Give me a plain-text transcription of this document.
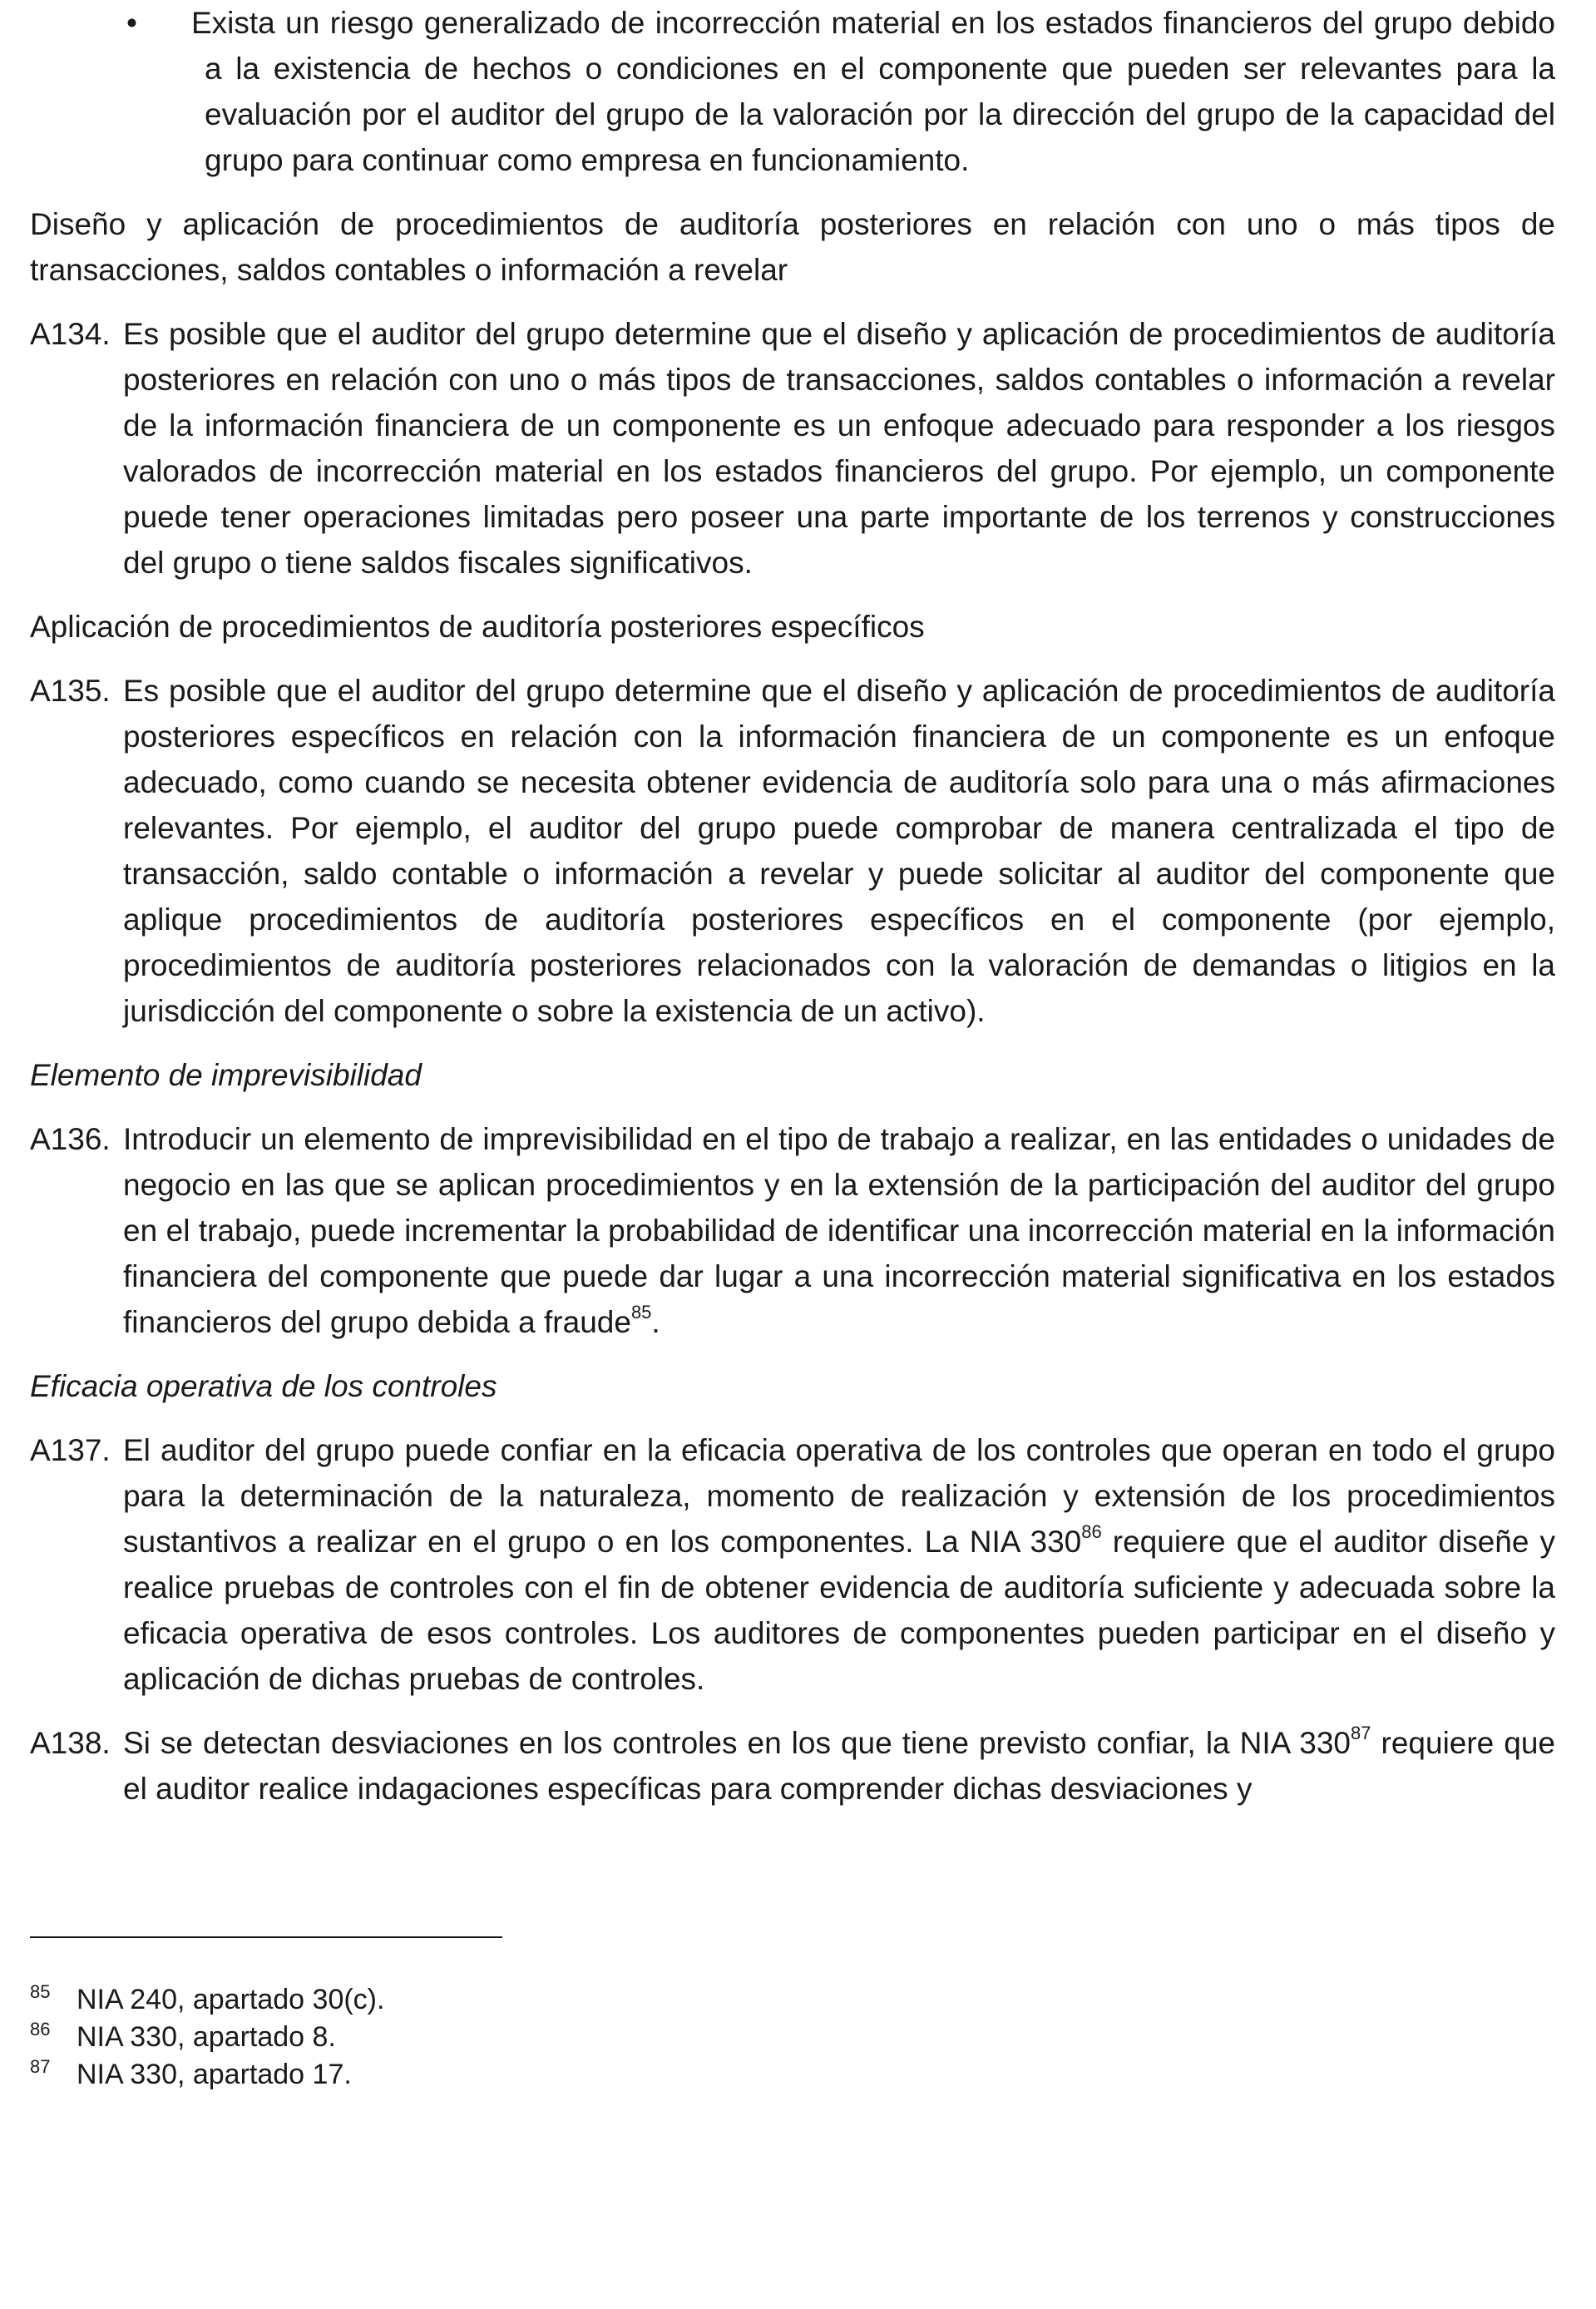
• Exista un riesgo generalizado de incorrección material en los estados financieros del grupo debido a la existencia de hechos o condiciones en el componente que pueden ser relevantes para la evaluación por el auditor del grupo de la valoración por la dirección del grupo de la capacidad del grupo para continuar como empresa en funcionamiento.
Diseño y aplicación de procedimientos de auditoría posteriores en relación con uno o más tipos de transacciones, saldos contables o información a revelar
A134. Es posible que el auditor del grupo determine que el diseño y aplicación de procedimientos de auditoría posteriores en relación con uno o más tipos de transacciones, saldos contables o información a revelar de la información financiera de un componente es un enfoque adecuado para responder a los riesgos valorados de incorrección material en los estados financieros del grupo. Por ejemplo, un componente puede tener operaciones limitadas pero poseer una parte importante de los terrenos y construcciones del grupo o tiene saldos fiscales significativos.
Aplicación de procedimientos de auditoría posteriores específicos
A135. Es posible que el auditor del grupo determine que el diseño y aplicación de procedimientos de auditoría posteriores específicos en relación con la información financiera de un componente es un enfoque adecuado, como cuando se necesita obtener evidencia de auditoría solo para una o más afirmaciones relevantes. Por ejemplo, el auditor del grupo puede comprobar de manera centralizada el tipo de transacción, saldo contable o información a revelar y puede solicitar al auditor del componente que aplique procedimientos de auditoría posteriores específicos en el componente (por ejemplo, procedimientos de auditoría posteriores relacionados con la valoración de demandas o litigios en la jurisdicción del componente o sobre la existencia de un activo).
Elemento de imprevisibilidad
A136. Introducir un elemento de imprevisibilidad en el tipo de trabajo a realizar, en las entidades o unidades de negocio en las que se aplican procedimientos y en la extensión de la participación del auditor del grupo en el trabajo, puede incrementar la probabilidad de identificar una incorrección material en la información financiera del componente que puede dar lugar a una incorrección material significativa en los estados financieros del grupo debida a fraude$^{85}$.
Eficacia operativa de los controles
A137. El auditor del grupo puede confiar en la eficacia operativa de los controles que operan en todo el grupo para la determinación de la naturaleza, momento de realización y extensión de los procedimientos sustantivos a realizar en el grupo o en los componentes. La NIA $330^{86}$ requiere que el auditor diseñe y realice pruebas de controles con el fin de obtener evidencia de auditoría suficiente y adecuada sobre la eficacia operativa de esos controles. Los auditores de componentes pueden participar en el diseño y aplicación de dichas pruebas de controles.
A138. Si se detectan desviaciones en los controles en los que tiene previsto confiar, la NIA $330^{87}$ requiere que el auditor realice indagaciones específicas para comprender dichas desviaciones y
85 NIA 240, apartado 30(c).
86 NIA 330, apartado 8.
87 NIA 330, apartado 17.
